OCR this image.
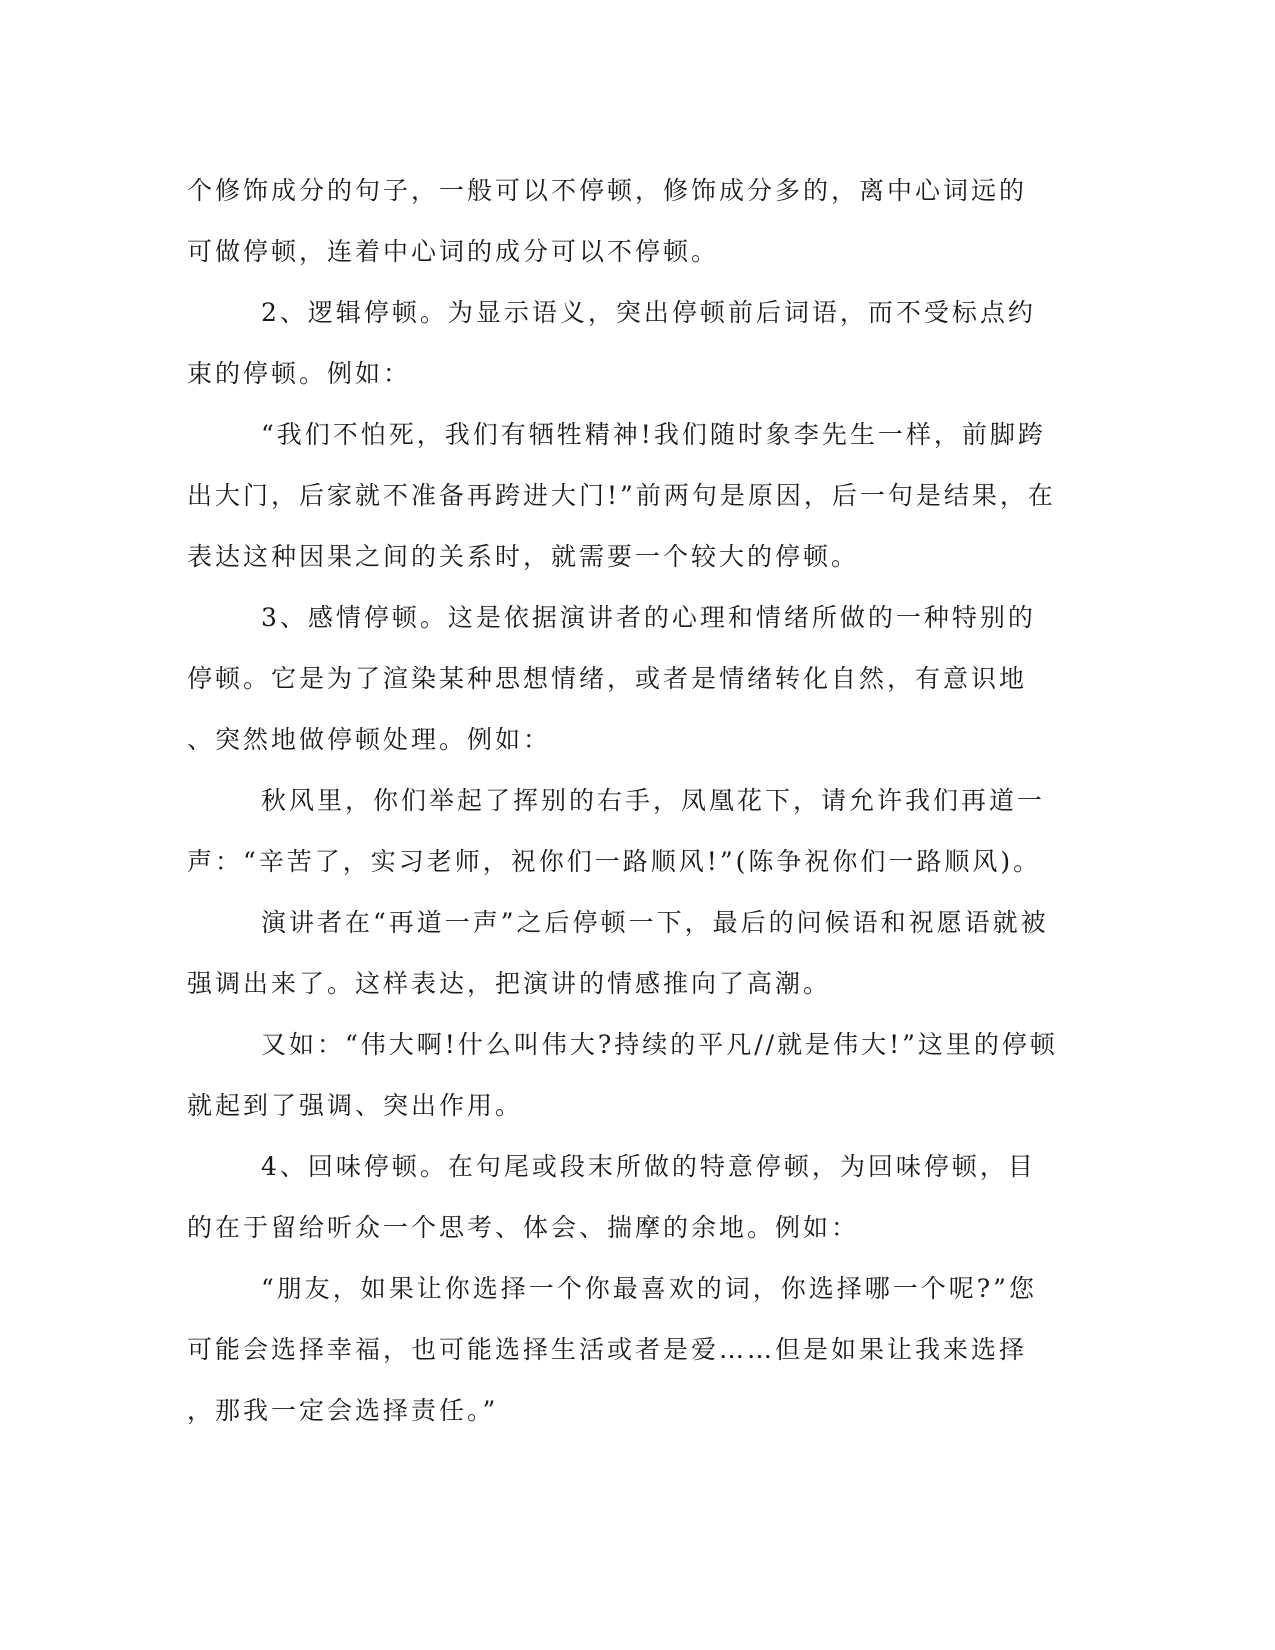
个修饰成分的句子，一般可以不停顿，修饰成分多的，离中心词远的
可做停顿，连着中心词的成分可以不停顿。
2、逻辑停顿。为显示语义，突出停顿前后词语，而不受标点约
束的停顿。例如：
“我们不怕死，我们有牺牲精神!我们随时象李先生一样，前脚跨
出大门，后家就不准备再跨进大门!”前两句是原因，后一句是结果，在
表达这种因果之间的关系时，就需要一个较大的停顿。
3、感情停顿。这是依据演讲者的心理和情绪所做的一种特别的
停顿。它是为了渲染某种思想情绪，或者是情绪转化自然，有意识地
、突然地做停顿处理。例如：
秋风里，你们举起了挥别的右手，凤凰花下，请允许我们再道一
声：“辛苦了，实习老师，祝你们一路顺风!”(陈争祝你们一路顺风)。
演讲者在“再道一声”之后停顿一下，最后的问候语和祝愿语就被
强调出来了。这样表达，把演讲的情感推向了高潮。
又如：“伟大啊!什么叫伟大?持续的平凡//就是伟大!”这里的停顿
就起到了强调、突出作用。
4、回味停顿。在句尾或段末所做的特意停顿，为回味停顿，目
的在于留给听众一个思考、体会、揣摩的余地。例如：
“朋友，如果让你选择一个你最喜欢的词，你选择哪一个呢?”您
可能会选择幸福，也可能选择生活或者是爱……但是如果让我来选择
，那我一定会选择责任。”
